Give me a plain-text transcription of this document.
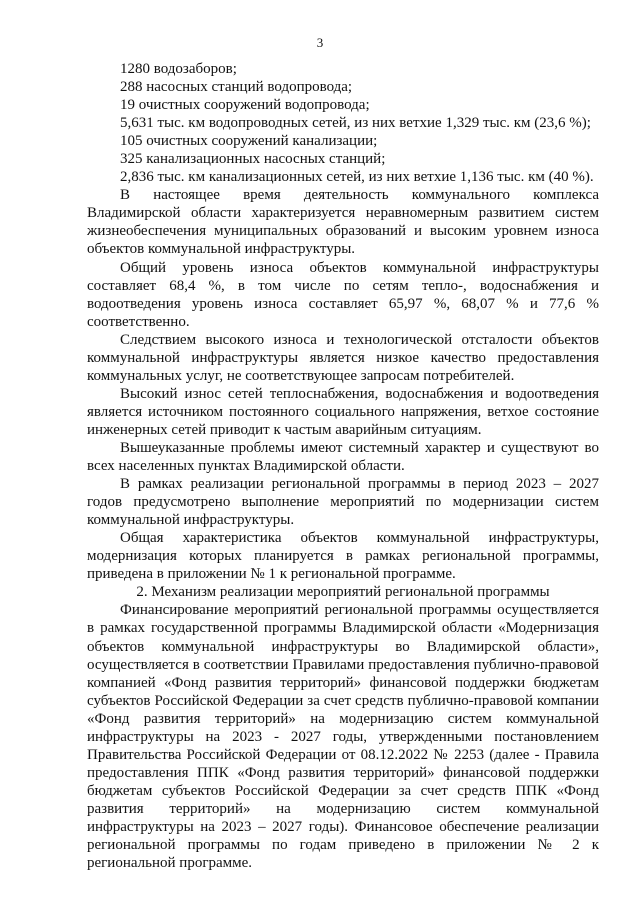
3

1280 водозаборов;

288 насосных станций водопровода;

19 очистных сооружений водопровода;

5,631 тыс. км водопроводных сетей, из них ветхие 1,329 тыс. км (23,6 %);

105 очистных сооружений канализации;

325 канализационных насосных станций;

2,836 тыс. км канализационных сетей, из них ветхие 1,136 тыс. км (40 %).

В настоящее время деятельность коммунального комплекса Владимирской области характеризуется неравномерным развитием систем жизнеобеспечения муниципальных образований и высоким уровнем износа объектов коммунальной инфраструктуры.

Общий уровень износа объектов коммунальной инфраструктуры составляет 68,4 %, в том числе по сетям тепло-, водоснабжения и водоотведения уровень износа составляет 65,97 %, 68,07 % и 77,6 % соответственно.

Следствием высокого износа и технологической отсталости объектов коммунальной инфраструктуры является низкое качество предоставления коммунальных услуг, не соответствующее запросам потребителей.

Высокий износ сетей теплоснабжения, водоснабжения и водоотведения является источником постоянного социального напряжения, ветхое состояние инженерных сетей приводит к частым аварийным ситуациям.

Вышеуказанные проблемы имеют системный характер и существуют во всех населенных пунктах Владимирской области.

В рамках реализации региональной программы в период 2023 – 2027 годов предусмотрено выполнение мероприятий по модернизации систем коммунальной инфраструктуры.

Общая характеристика объектов коммунальной инфраструктуры, модернизация которых планируется в рамках региональной программы, приведена в приложении № 1 к региональной программе.

2. Механизм реализации мероприятий региональной программы

Финансирование мероприятий региональной программы осуществляется в рамках государственной программы Владимирской области «Модернизация объектов коммунальной инфраструктуры во Владимирской области», осуществляется в соответствии Правилами предоставления публично-правовой компанией «Фонд развития территорий» финансовой поддержки бюджетам субъектов Российской Федерации за счет средств публично-правовой компании «Фонд развития территорий» на модернизацию систем коммунальной инфраструктуры на 2023 - 2027 годы, утвержденными постановлением Правительства Российской Федерации от 08.12.2022 № 2253 (далее - Правила предоставления ППК «Фонд развития территорий» финансовой поддержки бюджетам субъектов Российской Федерации за счет средств ППК «Фонд развития территорий» на модернизацию систем коммунальной инфраструктуры на 2023 – 2027 годы). Финансовое обеспечение реализации региональной программы по годам приведено в приложении № 2 к региональной программе.
